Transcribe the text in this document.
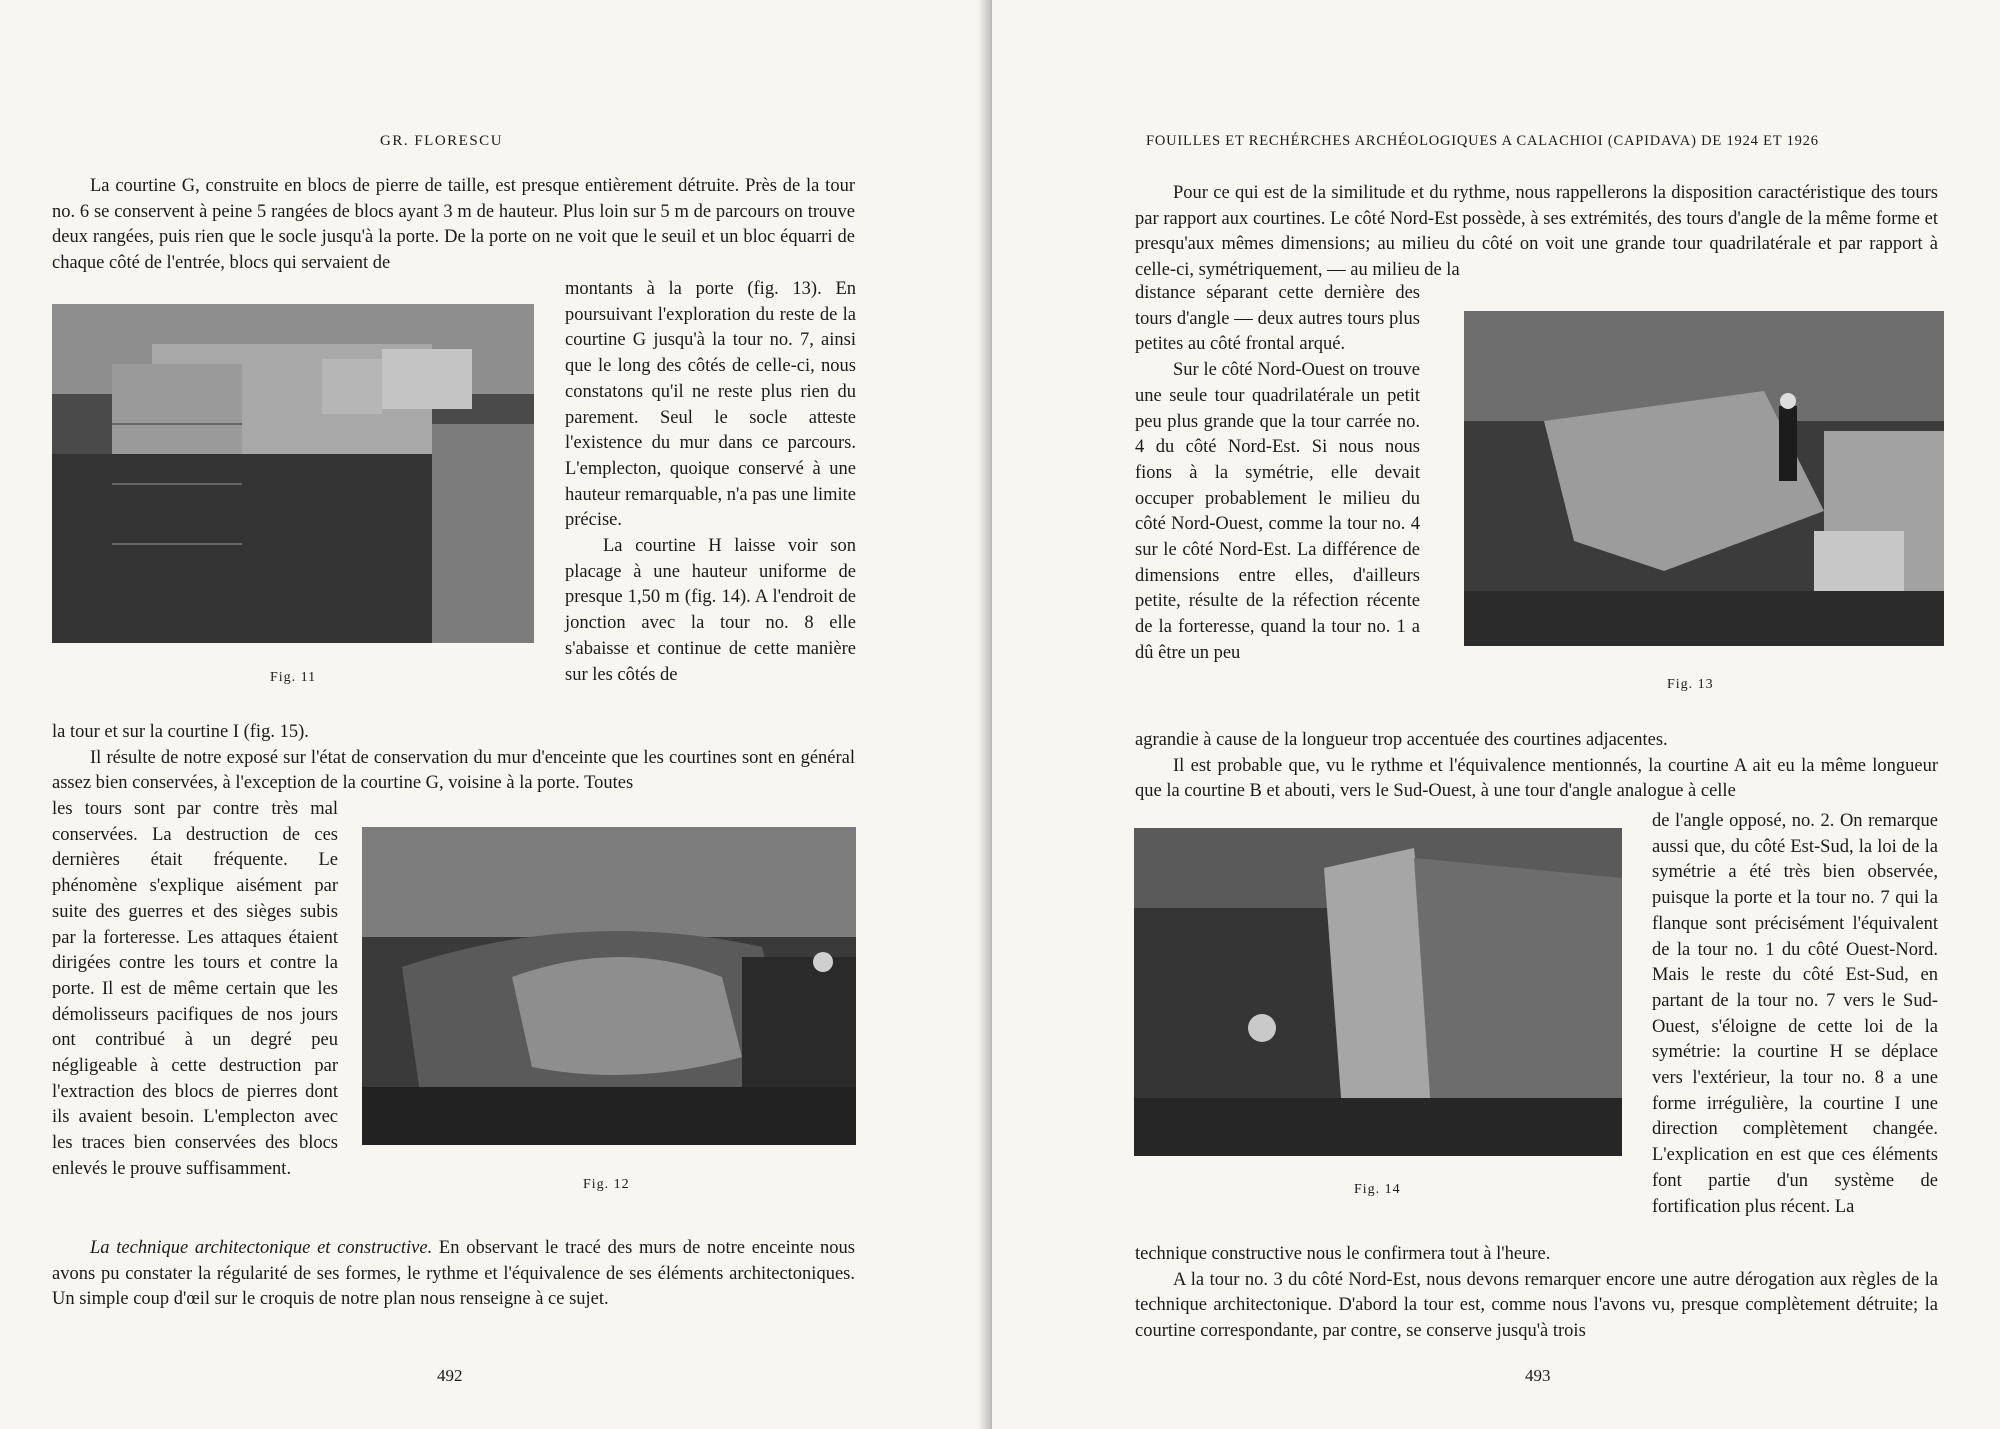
GR. FLORESCU

La courtine G, construite en blocs de pierre de taille, est presque entièrement détruite. Près de la tour no. 6 se conservent à peine 5 rangées de blocs ayant 3 m de hauteur. Plus loin sur 5 m de parcours on trouve deux rangées, puis rien que le socle jusqu'à la porte. De la porte on ne voit que le seuil et un bloc équarri de chaque côté de l'entrée, blocs qui servaient de

Fig. 11

montants à la porte (fig. 13). En poursuivant l'exploration du reste de la courtine G jusqu'à la tour no. 7, ainsi que le long des côtés de celle-ci, nous constatons qu'il ne reste plus rien du parement. Seul le socle atteste l'existence du mur dans ce parcours. L'emplecton, quoique conservé à une hauteur remarquable, n'a pas une limite précise.

La courtine H laisse voir son placage à une hauteur uniforme de presque 1,50 m (fig. 14). A l'endroit de jonction avec la tour no. 8 elle s'abaisse et continue de cette manière sur les côtés de

la tour et sur la courtine I (fig. 15).

Il résulte de notre exposé sur l'état de conservation du mur d'enceinte que les courtines sont en général assez bien conservées, à l'exception de la courtine G, voisine à la porte. Toutes

les tours sont par contre très mal conservées. La destruction de ces dernières était fréquente. Le phénomène s'explique aisément par suite des guerres et des sièges subis par la forteresse. Les attaques étaient dirigées contre les tours et contre la porte. Il est de même certain que les démolisseurs pacifiques de nos jours ont contribué à un degré peu négligeable à cette destruction par l'extraction des blocs de pierres dont ils avaient besoin. L'emplecton avec les traces bien conservées des blocs enlevés le prouve suffisamment.

Fig. 12

La technique architectonique et constructive. En observant le tracé des murs de notre enceinte nous avons pu constater la régularité de ses formes, le rythme et l'équivalence de ses éléments architectoniques. Un simple coup d'œil sur le croquis de notre plan nous renseigne à ce sujet.

492
FOUILLES ET RECHÉRCHES ARCHÉOLOGIQUES A CALACHIOI (CAPIDAVA) DE 1924 ET 1926

Pour ce qui est de la similitude et du rythme, nous rappellerons la disposition caractéristique des tours par rapport aux courtines. Le côté Nord-Est possède, à ses extrémités, des tours d'angle de la même forme et presqu'aux mêmes dimensions; au milieu du côté on voit une grande tour quadrilatérale et par rapport à celle-ci, symétriquement, — au milieu de la

distance séparant cette dernière des tours d'angle — deux autres tours plus petites au côté frontal arqué.

Sur le côté Nord-Ouest on trouve une seule tour quadrilatérale un petit peu plus grande que la tour carrée no. 4 du côté Nord-Est. Si nous nous fions à la symétrie, elle devait occuper probablement le milieu du côté Nord-Ouest, comme la tour no. 4 sur le côté Nord-Est. La différence de dimensions entre elles, d'ailleurs petite, résulte de la réfection récente de la forteresse, quand la tour no. 1 a dû être un peu

Fig. 13

agrandie à cause de la longueur trop accentuée des courtines adjacentes.

Il est probable que, vu le rythme et l'équivalence mentionnés, la courtine A ait eu la même longueur que la courtine B et abouti, vers le Sud-Ouest, à une tour d'angle analogue à celle

Fig. 14

de l'angle opposé, no. 2. On remarque aussi que, du côté Est-Sud, la loi de la symétrie a été très bien observée, puisque la porte et la tour no. 7 qui la flanque sont précisément l'équivalent de la tour no. 1 du côté Ouest-Nord. Mais le reste du côté Est-Sud, en partant de la tour no. 7 vers le Sud-Ouest, s'éloigne de cette loi de la symétrie: la courtine H se déplace vers l'extérieur, la tour no. 8 a une forme irrégulière, la courtine I une direction complètement changée. L'explication en est que ces éléments font partie d'un système de fortification plus récent. La

technique constructive nous le confirmera tout à l'heure.

A la tour no. 3 du côté Nord-Est, nous devons remarquer encore une autre dérogation aux règles de la technique architectonique. D'abord la tour est, comme nous l'avons vu, presque complètement détruite; la courtine correspondante, par contre, se conserve jusqu'à trois

493
